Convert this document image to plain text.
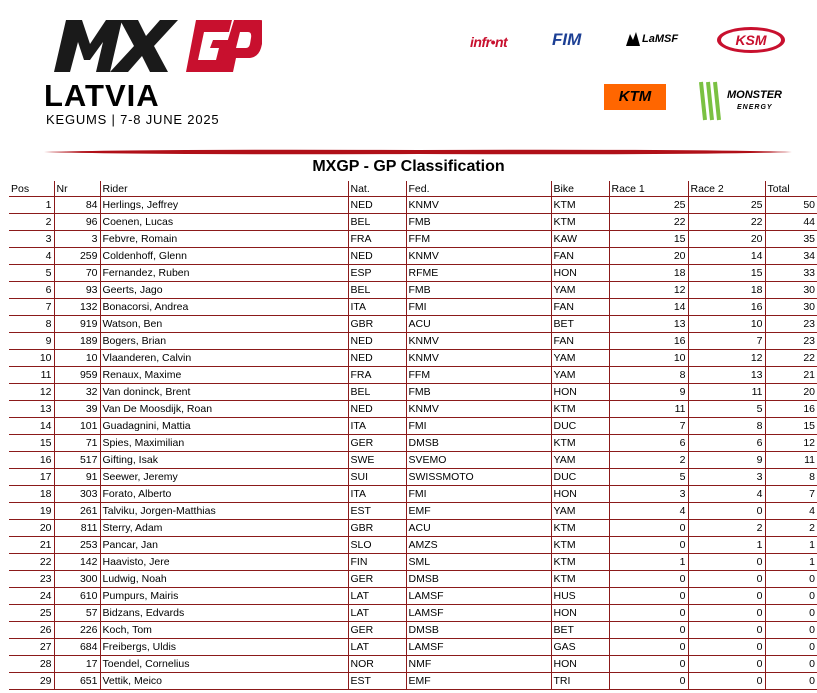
LATVIA
KEGUMS | 7-8 JUNE 2025
infr•nt	FIM	LaMSF	KSM
KTM	MONSTER
ENERGY
MXGP - GP Classification
Pos	Nr	Rider	Nat.	Fed.	Bike	Race 1	Race 2	Total
1	84	Herlings, Jeffrey	NED	KNMV	KTM	25	25	50
2	96	Coenen, Lucas	BEL	FMB	KTM	22	22	44
3	3	Febvre, Romain	FRA	FFM	KAW	15	20	35
4	259	Coldenhoff, Glenn	NED	KNMV	FAN	20	14	34
5	70	Fernandez, Ruben	ESP	RFME	HON	18	15	33
6	93	Geerts, Jago	BEL	FMB	YAM	12	18	30
7	132	Bonacorsi, Andrea	ITA	FMI	FAN	14	16	30
8	919	Watson, Ben	GBR	ACU	BET	13	10	23
9	189	Bogers, Brian	NED	KNMV	FAN	16	7	23
10	10	Vlaanderen, Calvin	NED	KNMV	YAM	10	12	22
11	959	Renaux, Maxime	FRA	FFM	YAM	8	13	21
12	32	Van doninck, Brent	BEL	FMB	HON	9	11	20
13	39	Van De Moosdijk, Roan	NED	KNMV	KTM	11	5	16
14	101	Guadagnini, Mattia	ITA	FMI	DUC	7	8	15
15	71	Spies, Maximilian	GER	DMSB	KTM	6	6	12
16	517	Gifting, Isak	SWE	SVEMO	YAM	2	9	11
17	91	Seewer, Jeremy	SUI	SWISSMOTO	DUC	5	3	8
18	303	Forato, Alberto	ITA	FMI	HON	3	4	7
19	261	Talviku, Jorgen-Matthias	EST	EMF	YAM	4	0	4
20	811	Sterry, Adam	GBR	ACU	KTM	0	2	2
21	253	Pancar, Jan	SLO	AMZS	KTM	0	1	1
22	142	Haavisto, Jere	FIN	SML	KTM	1	0	1
23	300	Ludwig, Noah	GER	DMSB	KTM	0	0	0
24	610	Pumpurs, Mairis	LAT	LAMSF	HUS	0	0	0
25	57	Bidzans, Edvards	LAT	LAMSF	HON	0	0	0
26	226	Koch, Tom	GER	DMSB	BET	0	0	0
27	684	Freibergs, Uldis	LAT	LAMSF	GAS	0	0	0
28	17	Toendel, Cornelius	NOR	NMF	HON	0	0	0
29	651	Vettik, Meico	EST	EMF	TRI	0	0	0
